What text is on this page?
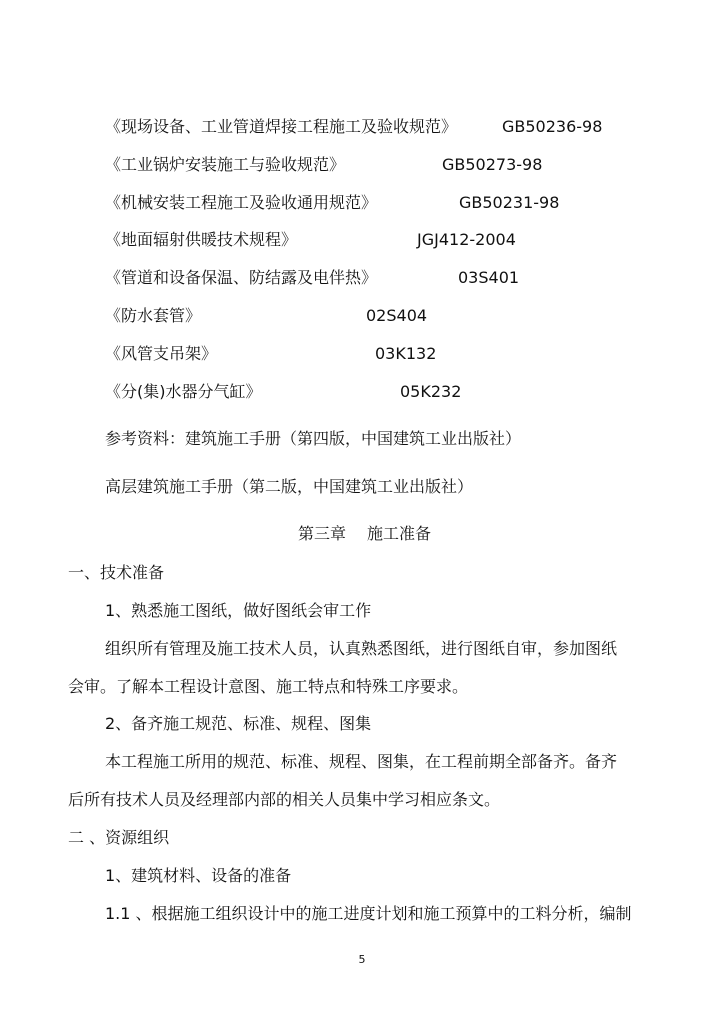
《现场设备、工业管道焊接工程施工及验收规范》	GB50236-98
《工业锅炉安装施工与验收规范》	GB50273-98
《机械安装工程施工及验收通用规范》	GB50231-98
《地面辐射供暖技术规程》	JGJ412-2004
《管道和设备保温、防结露及电伴热》	03S401
《防水套管》	02S404
《风管支吊架》	03K132
《分(集)水器分气缸》	05K232
参考资料：建筑施工手册（第四版，中国建筑工业出版社）
高层建筑施工手册（第二版，中国建筑工业出版社）
第三章 施工准备
一、技术准备
1、熟悉施工图纸，做好图纸会审工作
组织所有管理及施工技术人员，认真熟悉图纸，进行图纸自审，参加图纸
会审。了解本工程设计意图、施工特点和特殊工序要求。
2、备齐施工规范、标准、规程、图集
本工程施工所用的规范、标准、规程、图集，在工程前期全部备齐。备齐
后所有技术人员及经理部内部的相关人员集中学习相应条文。
二 、资源组织
1、建筑材料、设备的准备
1.1 、根据施工组织设计中的施工进度计划和施工预算中的工料分析，编制
5
